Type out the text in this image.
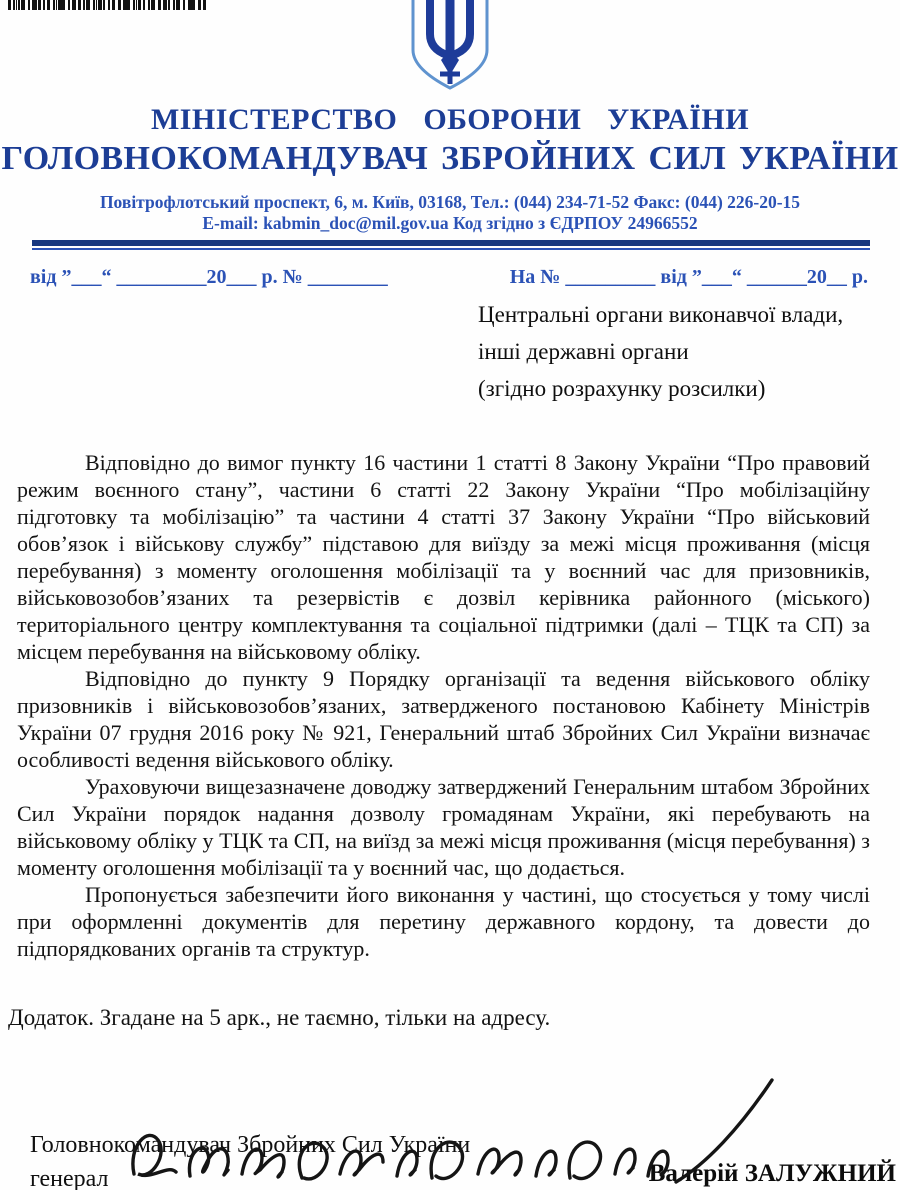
МІНІСТЕРСТВО ОБОРОНИ УКРАЇНИ
ГОЛОВНОКОМАНДУВАЧ ЗБРОЙНИХ СИЛ УКРАЇНИ
Повітрофлотський проспект, 6, м. Київ, 03168, Тел.: (044) 234-71-52 Факс: (044) 226-20-15
E-mail: kabmin_doc@mil.gov.ua Код згідно з ЄДРПОУ 24966552
від ”___“ _________20___ р. № ________	На № _________ від ”___“ ______20__ р.
Центральні органи виконавчої влади,
інші державні органи
(згідно розрахунку розсилки)

Відповідно до вимог пункту 16 частини 1 статті 8 Закону України “Про правовий режим воєнного стану”, частини 6 статті 22 Закону України “Про мобілізаційну підготовку та мобілізацію” та частини 4 статті 37 Закону України “Про військовий обов’язок і військову службу” підставою для виїзду за межі місця проживання (місця перебування) з моменту оголошення мобілізації та у воєнний час для призовників, військовозобов’язаних та резервістів є дозвіл керівника районного (міського) територіального центру комплектування та соціальної підтримки (далі – ТЦК та СП) за місцем перебування на військовому обліку.

Відповідно до пункту 9 Порядку організації та ведення військового обліку призовників і військовозобов’язаних, затвердженого постановою Кабінету Міністрів України 07 грудня 2016 року № 921, Генеральний штаб Збройних Сил України визначає особливості ведення військового обліку.

Ураховуючи вищезазначене доводжу затверджений Генеральним штабом Збройних Сил України порядок надання дозволу громадянам України, які перебувають на військовому обліку у ТЦК та СП, на виїзд за межі місця проживання (місця перебування) з моменту оголошення мобілізації та у воєнний час, що додається.

Пропонується забезпечити його виконання у частині, що стосується у тому числі при оформленні документів для перетину державного кордону, та довести до підпорядкованих органів та структур.

Додаток. Згадане на 5 арк., не таємно, тільки на адресу.
Головнокомандувач Збройних Сил України
генерал	Валерій ЗАЛУЖНИЙ
